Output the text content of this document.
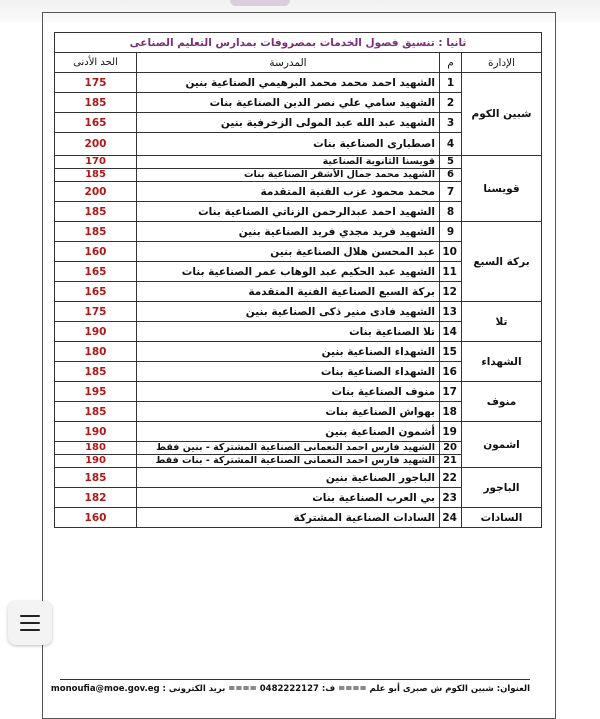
ثانيا : تنسيق فصول الخدمات بمصروفات بمدارس التعليم الصناعى			
الإدارة	م	المدرسة	الحد الأدنى
شبين الكوم	1	الشهيد احمد محمد محمد البرهيمي الصناعية بنين	175
	2	الشهيد سامي علي نصر الدين الصناعية بنات	185
	3	الشهيد عبد الله عبد المولى الزخرفية بنين	165
	4	اصطبارى الصناعية بنات	200
قويسنا	5	قويسنا الثانوية الصناعية	170
	6	الشهيد محمد جمال الأشقر الصناعية بنات	185
	7	محمد محمود عزب الفنية المتقدمة	200
	8	الشهيد احمد عبدالرحمن الزناتي الصناعية بنات	185
بركة السبع	9	الشهيد فريد مجدي فريد الصناعية بنين	185
	10	عبد المحسن هلال الصناعية بنين	160
	11	الشهيد عبد الحكيم عبد الوهاب عمر الصناعية بنات	165
	12	بركة السبع الصناعية الفنية المتقدمة	165
تلا	13	الشهيد فادى منير ذكى الصناعية بنين	175
	14	تلا الصناعية بنات	190
الشهداء	15	الشهداء الصناعية بنين	180
	16	الشهداء الصناعية بنات	185
منوف	17	منوف الصناعية بنات	195
	18	بهواش الصناعية بنات	185
اشمون	19	أشمون الصناعية بنين	190
	20	الشهيد فارس احمد النعمانى الصناعية المشتركة - بنين فقط	180
	21	الشهيد فارس احمد النعمانى الصناعية المشتركة - بنات فقط	190
الباجور	22	الباجور الصناعية بنين	185
	23	بي العرب الصناعية بنات	182
السادات	24	السادات الصناعية المشتركة	160
العنوان: شبين الكوم ش صبرى أبو علم ==== ف: 0482222127 ==== بريد الكترونى : monoufia@moe.gov.eg
